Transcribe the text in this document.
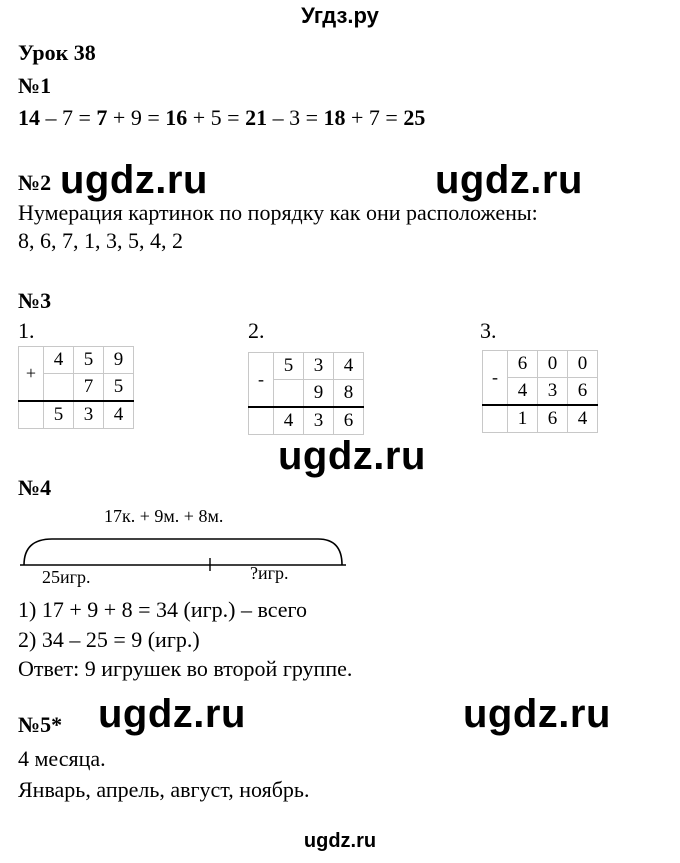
Угдз.ру
Урок 38
№1
14 – 7 = 7 + 9 = 16 + 5 = 21 – 3 = 18 + 7 = 25
№2 ugdz.ru	ugdz.ru
Нумерация картинок по порядку как они расположены:
8, 6, 7, 1, 3, 5, 4, 2
№3
1.
+	4	5	9
		7	5
	5	3	4
2.
-	5	3	4
		9	8
	4	3	6
3.
-	6	0	0
	4	3	6
	1	6	4
ugdz.ru
№4
17к. + 9м. + 8м.
25игр.	?игр.
1) 17 + 9 + 8 = 34 (игр.) – всего
2) 34 – 25 = 9 (игр.)
Ответ: 9 игрушек во второй группе.
№5* ugdz.ru	ugdz.ru
4 месяца.
Январь, апрель, август, ноябрь.
ugdz.ru
